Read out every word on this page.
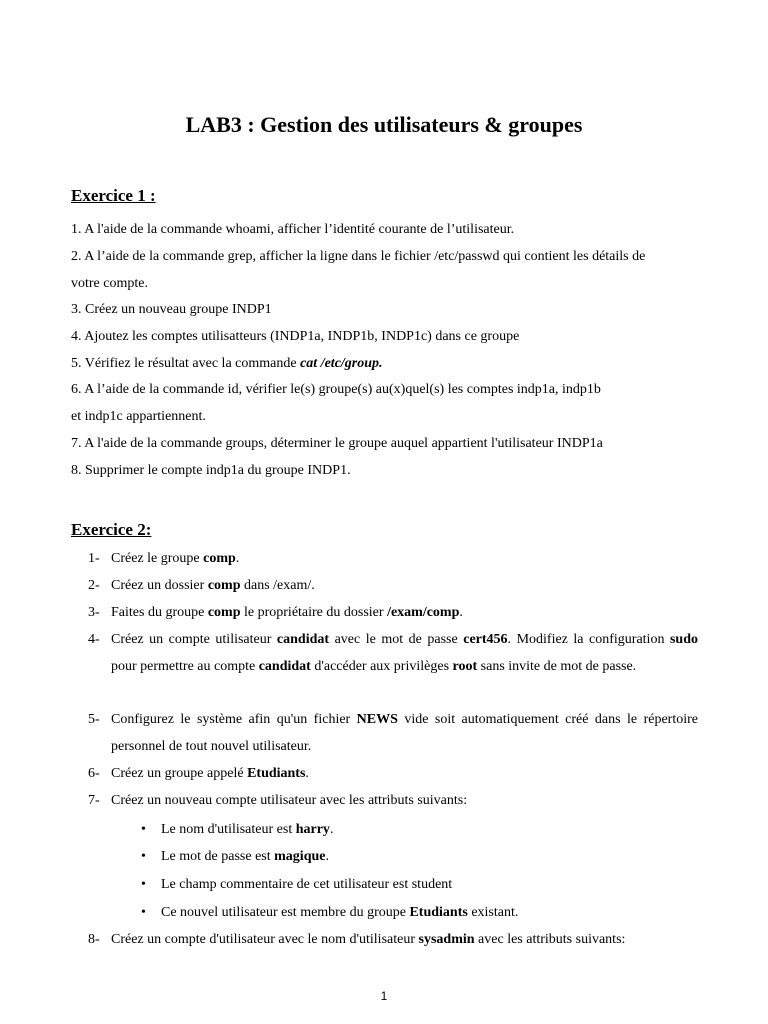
LAB3 : Gestion des utilisateurs & groupes
Exercice 1 :
1. A l'aide de la commande whoami, afficher l’identité courante de l’utilisateur.
2. A l’aide de la commande grep, afficher la ligne dans le fichier /etc/passwd qui contient les détails de
votre compte.
3. Créez un nouveau groupe INDP1
4. Ajoutez les comptes utilisatteurs (INDP1a, INDP1b, INDP1c) dans ce groupe
5. Vérifiez le résultat avec la commande cat /etc/group.
6. A l’aide de la commande id, vérifier le(s) groupe(s) au(x)quel(s) les comptes indp1a, indp1b
et indp1c appartiennent.
7. A l'aide de la commande groups, déterminer le groupe auquel appartient l'utilisateur INDP1a
8. Supprimer le compte indp1a du groupe INDP1.
Exercice 2:
1- Créez le groupe comp.
2- Créez un dossier comp dans /exam/.
3- Faites du groupe comp le propriétaire du dossier /exam/comp.
4- Créez un compte utilisateur candidat avec le mot de passe cert456. Modifiez la configuration sudo pour permettre au compte candidat d'accéder aux privilèges root sans invite de mot de passe.
5- Configurez le système afin qu'un fichier NEWS vide soit automatiquement créé dans le répertoire personnel de tout nouvel utilisateur.
6- Créez un groupe appelé Etudiants.
7- Créez un nouveau compte utilisateur avec les attributs suivants:
• Le nom d'utilisateur est harry.
• Le mot de passe est magique.
• Le champ commentaire de cet utilisateur est student
• Ce nouvel utilisateur est membre du groupe Etudiants existant.
8- Créez un compte d'utilisateur avec le nom d'utilisateur sysadmin avec les attributs suivants:
1
